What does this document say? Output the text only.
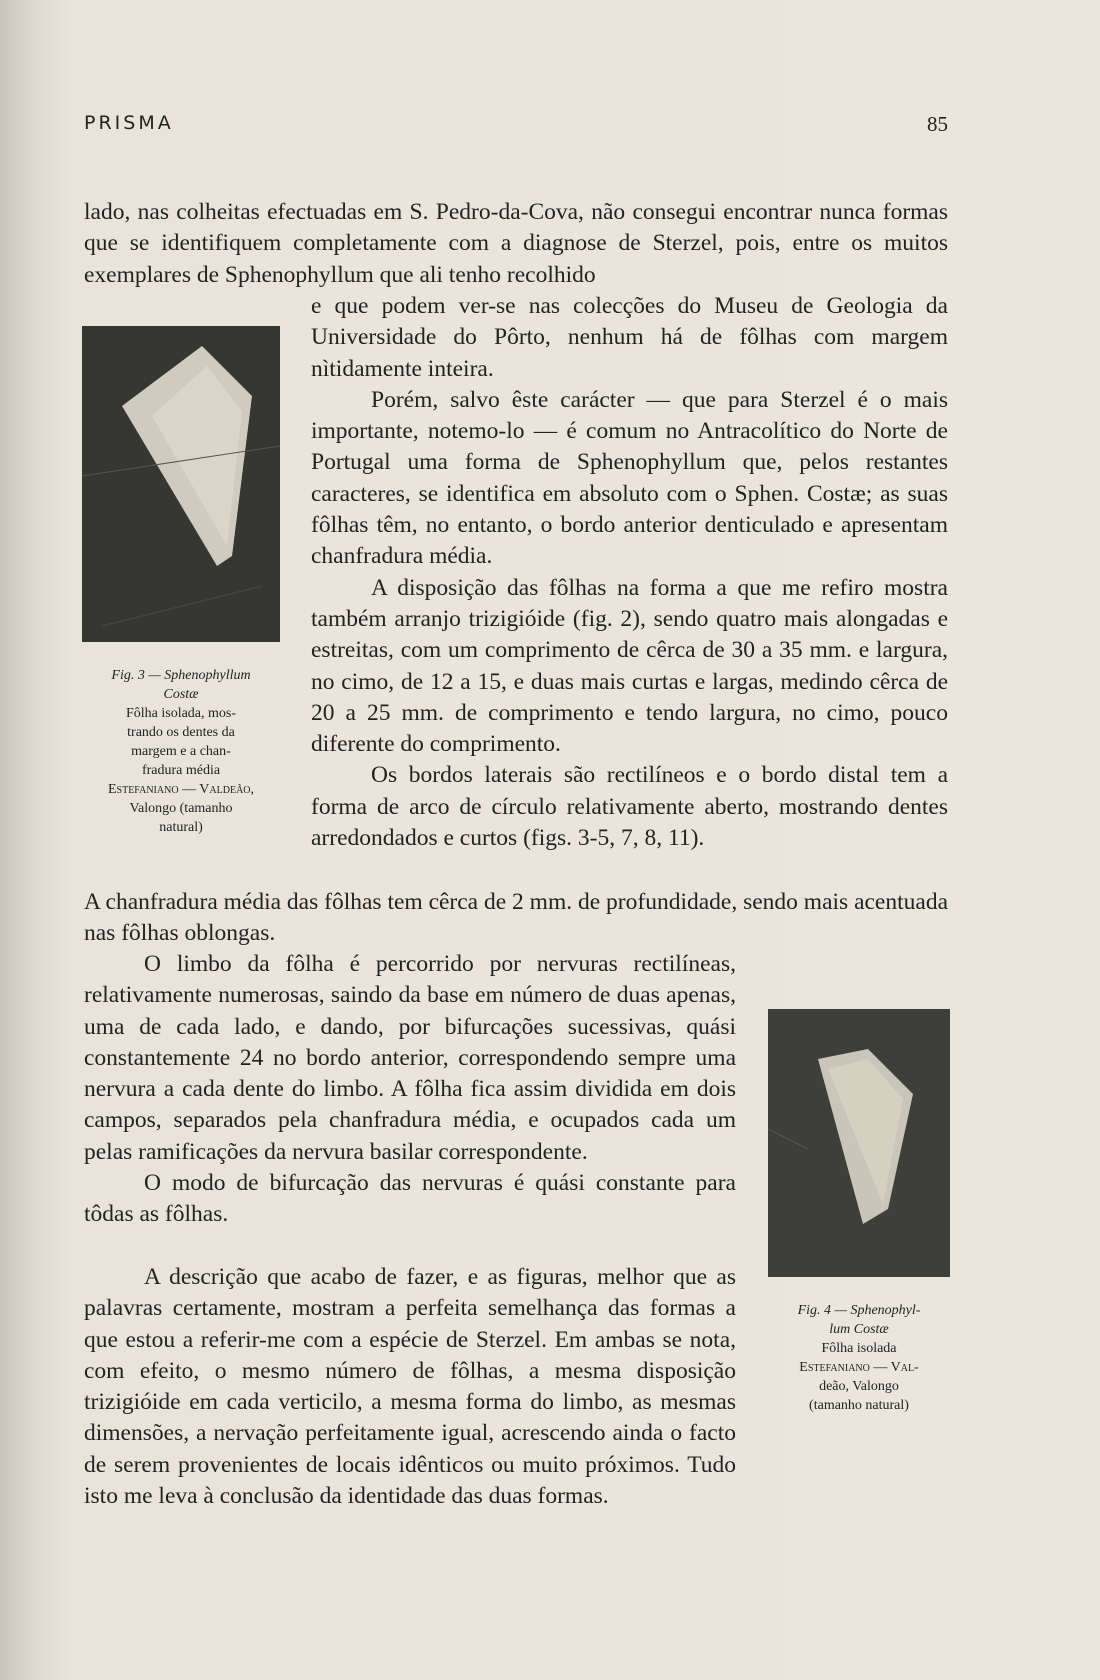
PRISMA	85

lado, nas colheitas efectuadas em S. Pedro-da-Cova, não consegui encontrar nunca formas que se identifiquem completamente com a diagnose de Sterzel, pois, entre os muitos exemplares de Sphenophyllum que ali tenho recolhido

e que podem ver-se nas colecções do Museu de Geologia da Universidade do Pôrto, nenhum há de fôlhas com margem nìtidamente inteira.

Porém, salvo êste carácter — que para Sterzel é o mais importante, notemo-lo — é comum no Antracolítico do Norte de Portugal uma forma de Sphenophyllum que, pelos restantes caracteres, se identifica em absoluto com o Sphen. Costæ; as suas fôlhas têm, no entanto, o bordo anterior denticulado e apresentam chanfradura média.

A disposição das fôlhas na forma a que me refiro mostra também arranjo trizigióide (fig. 2), sendo quatro mais alongadas e estreitas, com um comprimento de cêrca de 30 a 35 mm. e largura, no cimo, de 12 a 15, e duas mais curtas e largas, medindo cêrca de 20 a 25 mm. de comprimento e tendo largura, no cimo, pouco diferente do comprimento.

Os bordos laterais são rectilíneos e o bordo distal tem a forma de arco de círculo relativamente aberto, mostrando dentes arredondados e curtos (figs. 3-5, 7, 8, 11).

A chanfradura média das fôlhas tem cêrca de 2 mm. de profundidade, sendo mais acentuada nas fôlhas oblongas.

O limbo da fôlha é percorrido por nervuras rectilíneas, relativamente numerosas, saindo da base em número de duas apenas, uma de cada lado, e dando, por bifurcações sucessivas, quási constantemente 24 no bordo anterior, correspondendo sempre uma nervura a cada dente do limbo. A fôlha fica assim dividida em dois campos, separados pela chanfradura média, e ocupados cada um pelas ramificações da nervura basilar correspondente.

O modo de bifurcação das nervuras é quási constante para tôdas as fôlhas.

A descrição que acabo de fazer, e as figuras, melhor que as palavras certamente, mostram a perfeita semelhança das formas a que estou a referir-me com a espécie de Sterzel. Em ambas se nota, com efeito, o mesmo número de fôlhas, a mesma disposição trizigióide em cada verticilo, a mesma forma do limbo, as mesmas dimensões, a nervação perfeitamente igual, acrescendo ainda o facto de serem provenientes de locais idênticos ou muito próximos. Tudo isto me leva à conclusão da identidade das duas formas.

Fig. 3 — Sphenophyllum
Costæ
Fôlha isolada, mos-
trando os dentes da
margem e a chan-
fradura média
Estefaniano — Valdeão,
Valongo (tamanho
natural)
Fig. 4 — Sphenophyl-
lum Costæ
Fôlha isolada
Estefaniano — Val-
deão, Valongo
(tamanho natural)
